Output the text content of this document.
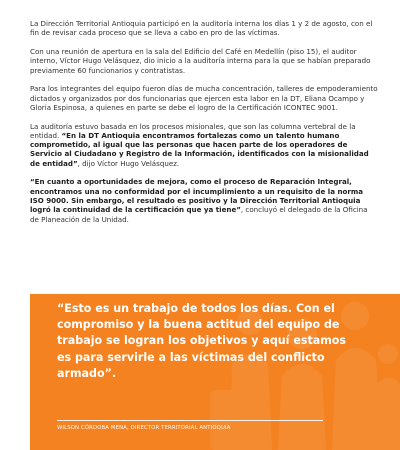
La Dirección Territorial Antioquia participó en la auditoría interna los días 1 y 2 de agosto, con el fin de revisar cada proceso que se lleva a cabo en pro de las víctimas.

Con una reunión de apertura en la sala del Edificio del Café en Medellín (piso 15), el auditor interno, Víctor Hugo Velásquez, dio inicio a la auditoría interna para la que se habían preparado previamente 60 funcionarios y contratistas.

Para los integrantes del equipo fueron días de mucha concentración, talleres de empoderamiento dictados y organizados por dos funcionarias que ejercen esta labor en la DT, Eliana Ocampo y Gloria Espinosa, a quienes en parte se debe el logro de la Certificación ICONTEC 9001.

La auditoría estuvo basada en los procesos misionales, que son las columna vertebral de la entidad. “En la DT Antioquia encontramos fortalezas como un talento humano comprometido, al igual que las personas que hacen parte de los operadores de Servicio al Ciudadano y Registro de la Información, identificados con la misionalidad de entidad”, dijo Víctor Hugo Velásquez.

“En cuanto a oportunidades de mejora, como el proceso de Reparación Integral, encontramos una no conformidad por el incumplimiento a un requisito de la norma ISO 9000. Sin embargo, el resultado es positivo y la Dirección Territorial Antioquia logró la continuidad de la certificación que ya tiene”, concluyó el delegado de la Oficina de Planeación de la Unidad.

“Esto es un trabajo de todos los días. Con el compromiso y la buena actitud del equipo de trabajo se logran los objetivos y aquí estamos es para servirle a las víctimas del conflicto armado”.

WILSON CÓRDOBA MENA, DIRECTOR TERRITORIAL ANTIOQUIA
